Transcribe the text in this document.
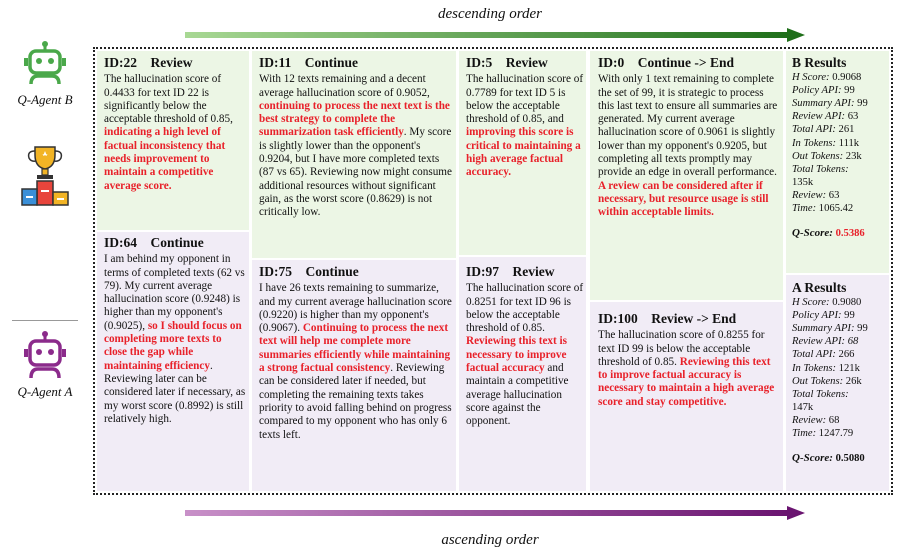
descending order
ascending order
Q-Agent B
Q-Agent A
ID:22    Review
The hallucination score of 0.4433 for text ID 22 is significantly below the acceptable threshold of 0.85, indicating a high level of factual inconsistency that needs improvement to maintain a competitive average score.
ID:64    Continue
I am behind my opponent in terms of completed texts (62 vs 79). My current average hallucination score (0.9248) is higher than my opponent's (0.9025), so I should focus on completing more texts to close the gap while maintaining efficiency. Reviewing later can be considered later if necessary, as my worst score (0.8992) is still relatively high.
ID:11    Continue
With 12 texts remaining and a decent average hallucination score of 0.9052, continuing to process the next text is the best strategy to complete the summarization task efficiently. My score is slightly lower than the opponent's 0.9204, but I have more completed texts (87 vs 65). Reviewing now might consume additional resources without significant gain, as the worst score (0.8629) is not critically low.
ID:75    Continue
I have 26 texts remaining to summarize, and my current average hallucination score (0.9220) is higher than my opponent's (0.9067). Continuing to process the next text will help me complete more summaries efficiently while maintaining a strong factual consistency. Reviewing can be considered later if needed, but completing the remaining texts takes priority to avoid falling behind on progress compared to my opponent who has only 6 texts left.
ID:5    Review
The hallucination score of 0.7789 for text ID 5 is below the acceptable threshold of 0.85, and improving this score is critical to maintaining a high average factual accuracy.
ID:97    Review
The hallucination score of 0.8251 for text ID 96 is below the acceptable threshold of 0.85. Reviewing this text is necessary to improve factual accuracy and maintain a competitive average hallucination score against the opponent.
ID:0    Continue -> End
With only 1 text remaining to complete the set of 99, it is strategic to process this last text to ensure all summaries are generated. My current average hallucination score of 0.9061 is slightly lower than my opponent's 0.9205, but completing all texts promptly may provide an edge in overall performance. A review can be considered after if necessary, but resource usage is still within acceptable limits.
ID:100    Review -> End
The hallucination score of 0.8255 for text ID 99 is below the acceptable threshold of 0.85. Reviewing this text to improve factual accuracy is necessary to maintain a high average score and stay competitive.
B Results
H Score: 0.9068
Policy API: 99
Summary API: 99
Review API: 63
Total API: 261
In Tokens: 111k
Out Tokens: 23k
Total Tokens:
135k
Review: 63
Time: 1065.42
Q-Score: 0.5386
A Results
H Score: 0.9080
Policy API: 99
Summary API: 99
Review API: 68
Total API: 266
In Tokens: 121k
Out Tokens: 26k
Total Tokens:
147k
Review: 68
Time: 1247.79
Q-Score: 0.5080
